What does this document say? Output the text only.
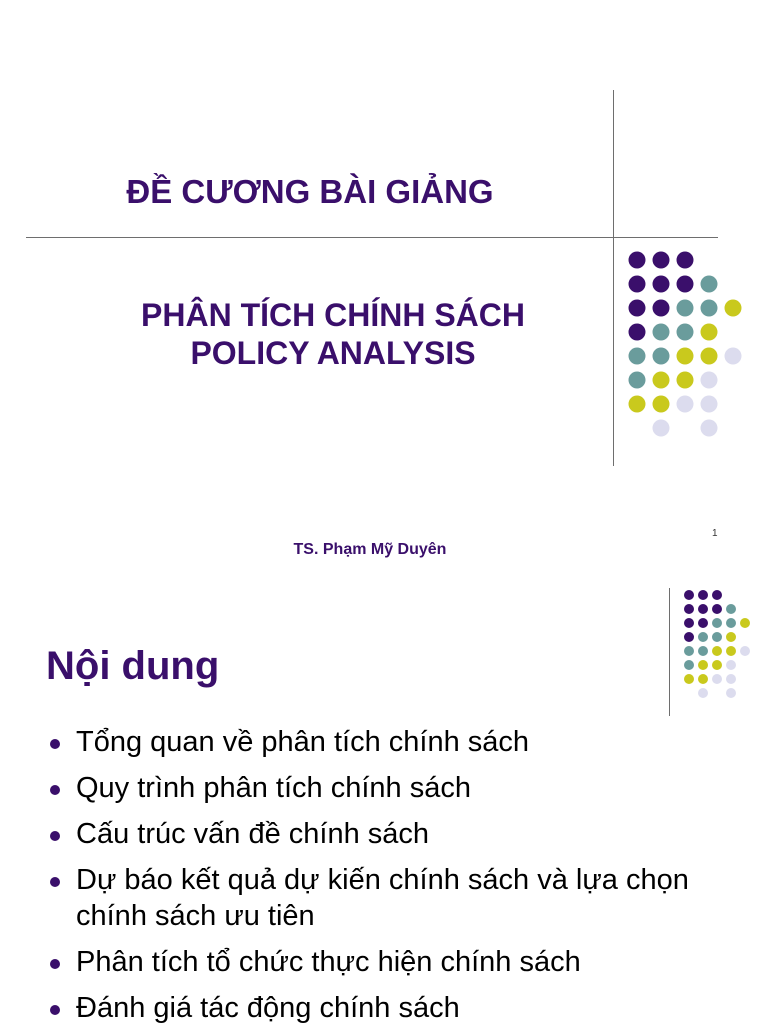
ĐỀ CƯƠNG BÀI GIẢNG
PHÂN TÍCH CHÍNH SÁCH
POLICY ANALYSIS
TS. Phạm Mỹ Duyên
1
Nội dung
Tổng quan về phân tích chính sách
Quy trình phân tích chính sách
Cấu trúc vấn đề chính sách
Dự báo kết quả dự kiến chính sách và lựa chọn chính sách ưu tiên
Phân tích tổ chức thực hiện chính sách
Đánh giá tác động chính sách
